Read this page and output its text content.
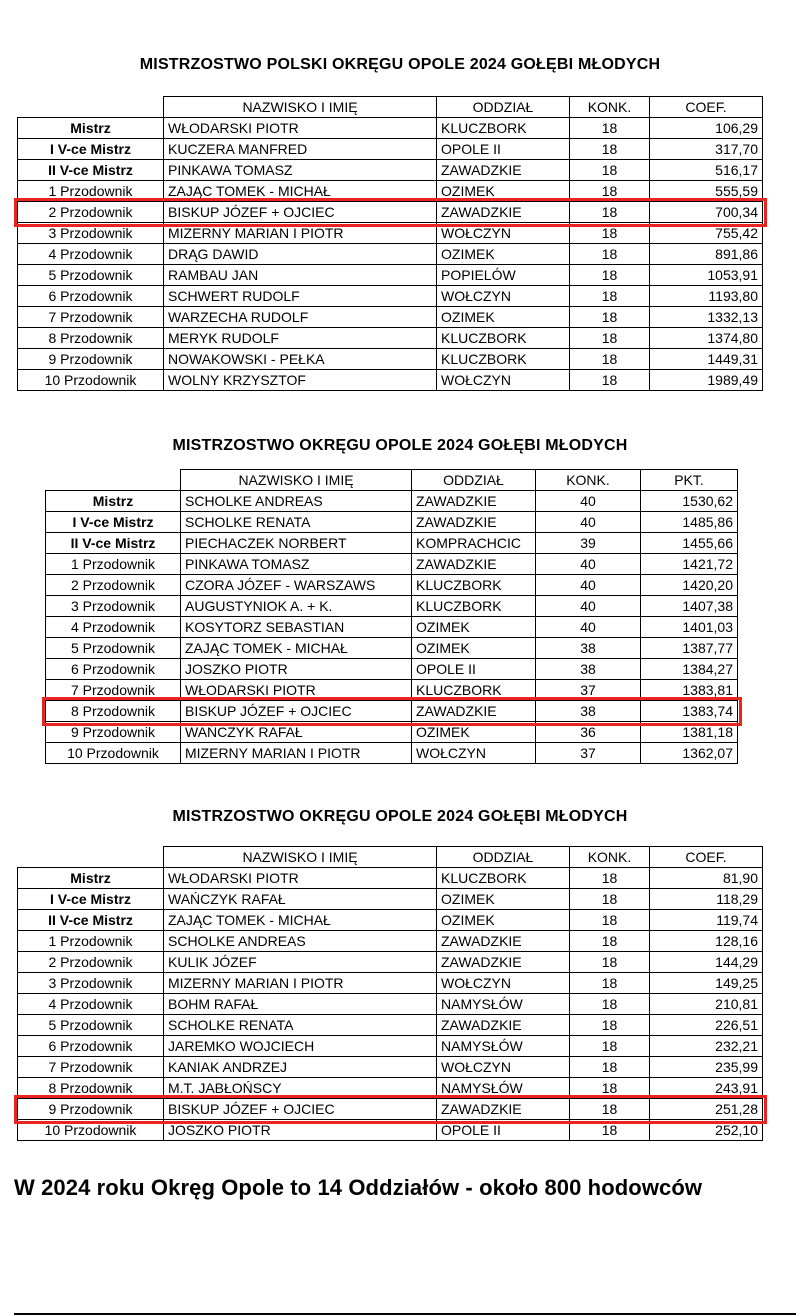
MISTRZOSTWO POLSKI OKRĘGU OPOLE 2024 GOŁĘBI MŁODYCH
	NAZWISKO I IMIĘ	ODDZIAŁ	KONK.	COEF.
Mistrz	WŁODARSKI PIOTR	KLUCZBORK	18	106,29
I V-ce Mistrz	KUCZERA MANFRED	OPOLE II	18	317,70
II V-ce Mistrz	PINKAWA TOMASZ	ZAWADZKIE	18	516,17
1 Przodownik	ZAJĄC TOMEK - MICHAŁ	OZIMEK	18	555,59
2 Przodownik	BISKUP JÓZEF + OJCIEC	ZAWADZKIE	18	700,34
3 Przodownik	MIZERNY MARIAN I PIOTR	WOŁCZYN	18	755,42
4 Przodownik	DRĄG DAWID	OZIMEK	18	891,86
5 Przodownik	RAMBAU JAN	POPIELÓW	18	1053,91
6 Przodownik	SCHWERT RUDOLF	WOŁCZYN	18	1193,80
7 Przodownik	WARZECHA RUDOLF	OZIMEK	18	1332,13
8 Przodownik	MERYK RUDOLF	KLUCZBORK	18	1374,80
9 Przodownik	NOWAKOWSKI - PEŁKA	KLUCZBORK	18	1449,31
10 Przodownik	WOLNY KRZYSZTOF	WOŁCZYN	18	1989,49
MISTRZOSTWO OKRĘGU OPOLE 2024 GOŁĘBI MŁODYCH
	NAZWISKO I IMIĘ	ODDZIAŁ	KONK.	PKT.
Mistrz	SCHOLKE ANDREAS	ZAWADZKIE	40	1530,62
I V-ce Mistrz	SCHOLKE RENATA	ZAWADZKIE	40	1485,86
II V-ce Mistrz	PIECHACZEK NORBERT	KOMPRACHCIC	39	1455,66
1 Przodownik	PINKAWA TOMASZ	ZAWADZKIE	40	1421,72
2 Przodownik	CZORA JÓZEF - WARSZAWS	KLUCZBORK	40	1420,20
3 Przodownik	AUGUSTYNIOK A. + K.	KLUCZBORK	40	1407,38
4 Przodownik	KOSYTORZ SEBASTIAN	OZIMEK	40	1401,03
5 Przodownik	ZAJĄC TOMEK - MICHAŁ	OZIMEK	38	1387,77
6 Przodownik	JOSZKO PIOTR	OPOLE II	38	1384,27
7 Przodownik	WŁODARSKI PIOTR	KLUCZBORK	37	1383,81
8 Przodownik	BISKUP JÓZEF + OJCIEC	ZAWADZKIE	38	1383,74
9 Przodownik	WAŃCZYK RAFAŁ	OZIMEK	36	1381,18
10 Przodownik	MIZERNY MARIAN I PIOTR	WOŁCZYN	37	1362,07
MISTRZOSTWO OKRĘGU OPOLE 2024 GOŁĘBI MŁODYCH
	NAZWISKO I IMIĘ	ODDZIAŁ	KONK.	COEF.
Mistrz	WŁODARSKI PIOTR	KLUCZBORK	18	81,90
I V-ce Mistrz	WAŃCZYK RAFAŁ	OZIMEK	18	118,29
II V-ce Mistrz	ZAJĄC TOMEK - MICHAŁ	OZIMEK	18	119,74
1 Przodownik	SCHOLKE ANDREAS	ZAWADZKIE	18	128,16
2 Przodownik	KULIK JÓZEF	ZAWADZKIE	18	144,29
3 Przodownik	MIZERNY MARIAN I PIOTR	WOŁCZYN	18	149,25
4 Przodownik	BOHM RAFAŁ	NAMYSŁÓW	18	210,81
5 Przodownik	SCHOLKE RENATA	ZAWADZKIE	18	226,51
6 Przodownik	JAREMKO WOJCIECH	NAMYSŁÓW	18	232,21
7 Przodownik	KANIAK ANDRZEJ	WOŁCZYN	18	235,99
8 Przodownik	M.T. JABŁOŃSCY	NAMYSŁÓW	18	243,91
9 Przodownik	BISKUP JÓZEF + OJCIEC	ZAWADZKIE	18	251,28
10 Przodownik	JOSZKO PIOTR	OPOLE II	18	252,10

W 2024 roku Okręg Opole to 14 Oddziałów - około 800 hodowców
